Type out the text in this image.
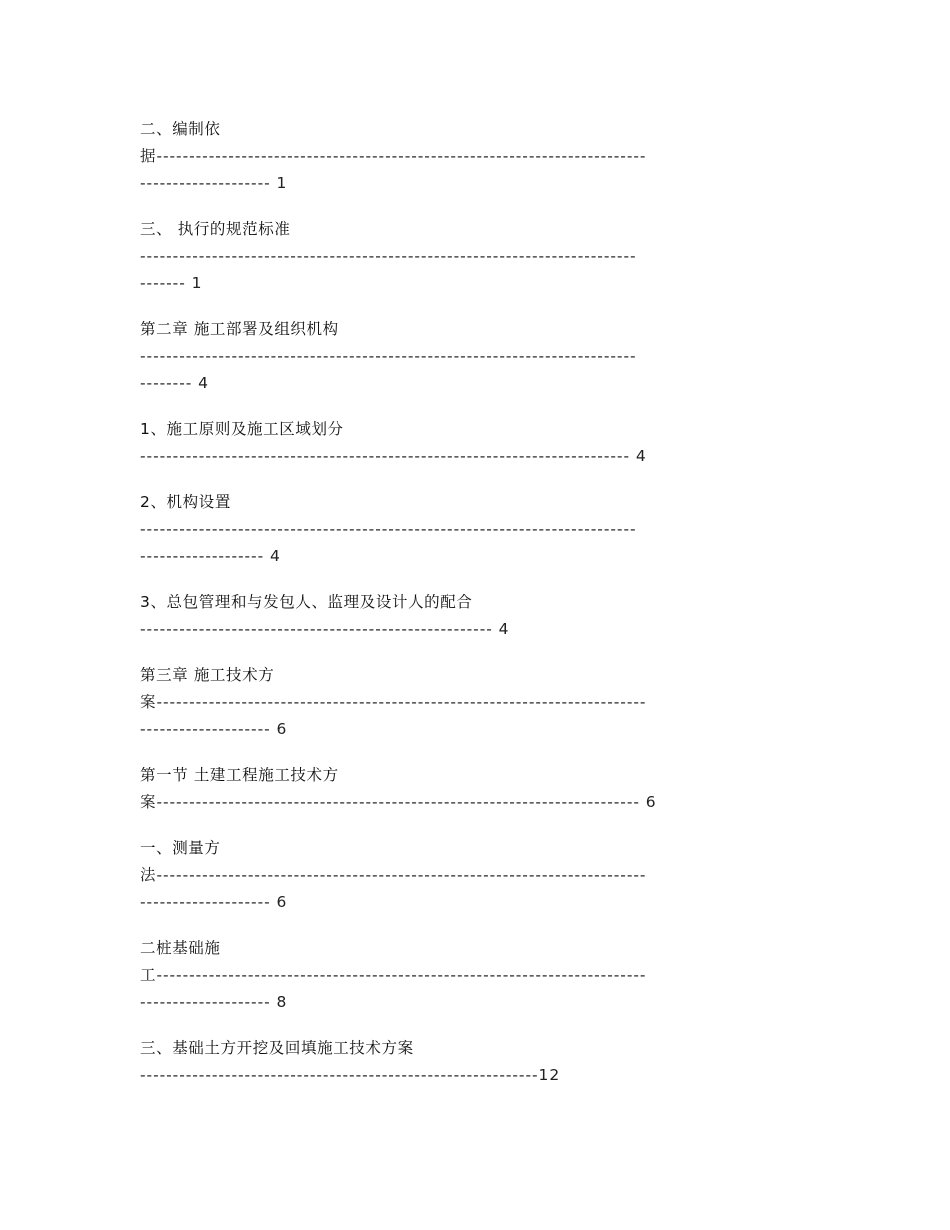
二、编制依
据---------------------------------------------------------------------------
-------------------- 1
三、 执行的规范标准
----------------------------------------------------------------------------
------- 1
第二章 施工部署及组织机构
----------------------------------------------------------------------------
-------- 4
1、施工原则及施工区域划分
--------------------------------------------------------------------------- 4
2、机构设置
----------------------------------------------------------------------------
------------------- 4
3、总包管理和与发包人、监理及设计人的配合
------------------------------------------------------ 4
第三章 施工技术方
案---------------------------------------------------------------------------
-------------------- 6
第一节 土建工程施工技术方
案-------------------------------------------------------------------------- 6
一、测量方
法---------------------------------------------------------------------------
-------------------- 6
二桩基础施
工---------------------------------------------------------------------------
-------------------- 8
三、基础土方开挖及回填施工技术方案
-------------------------------------------------------------12
